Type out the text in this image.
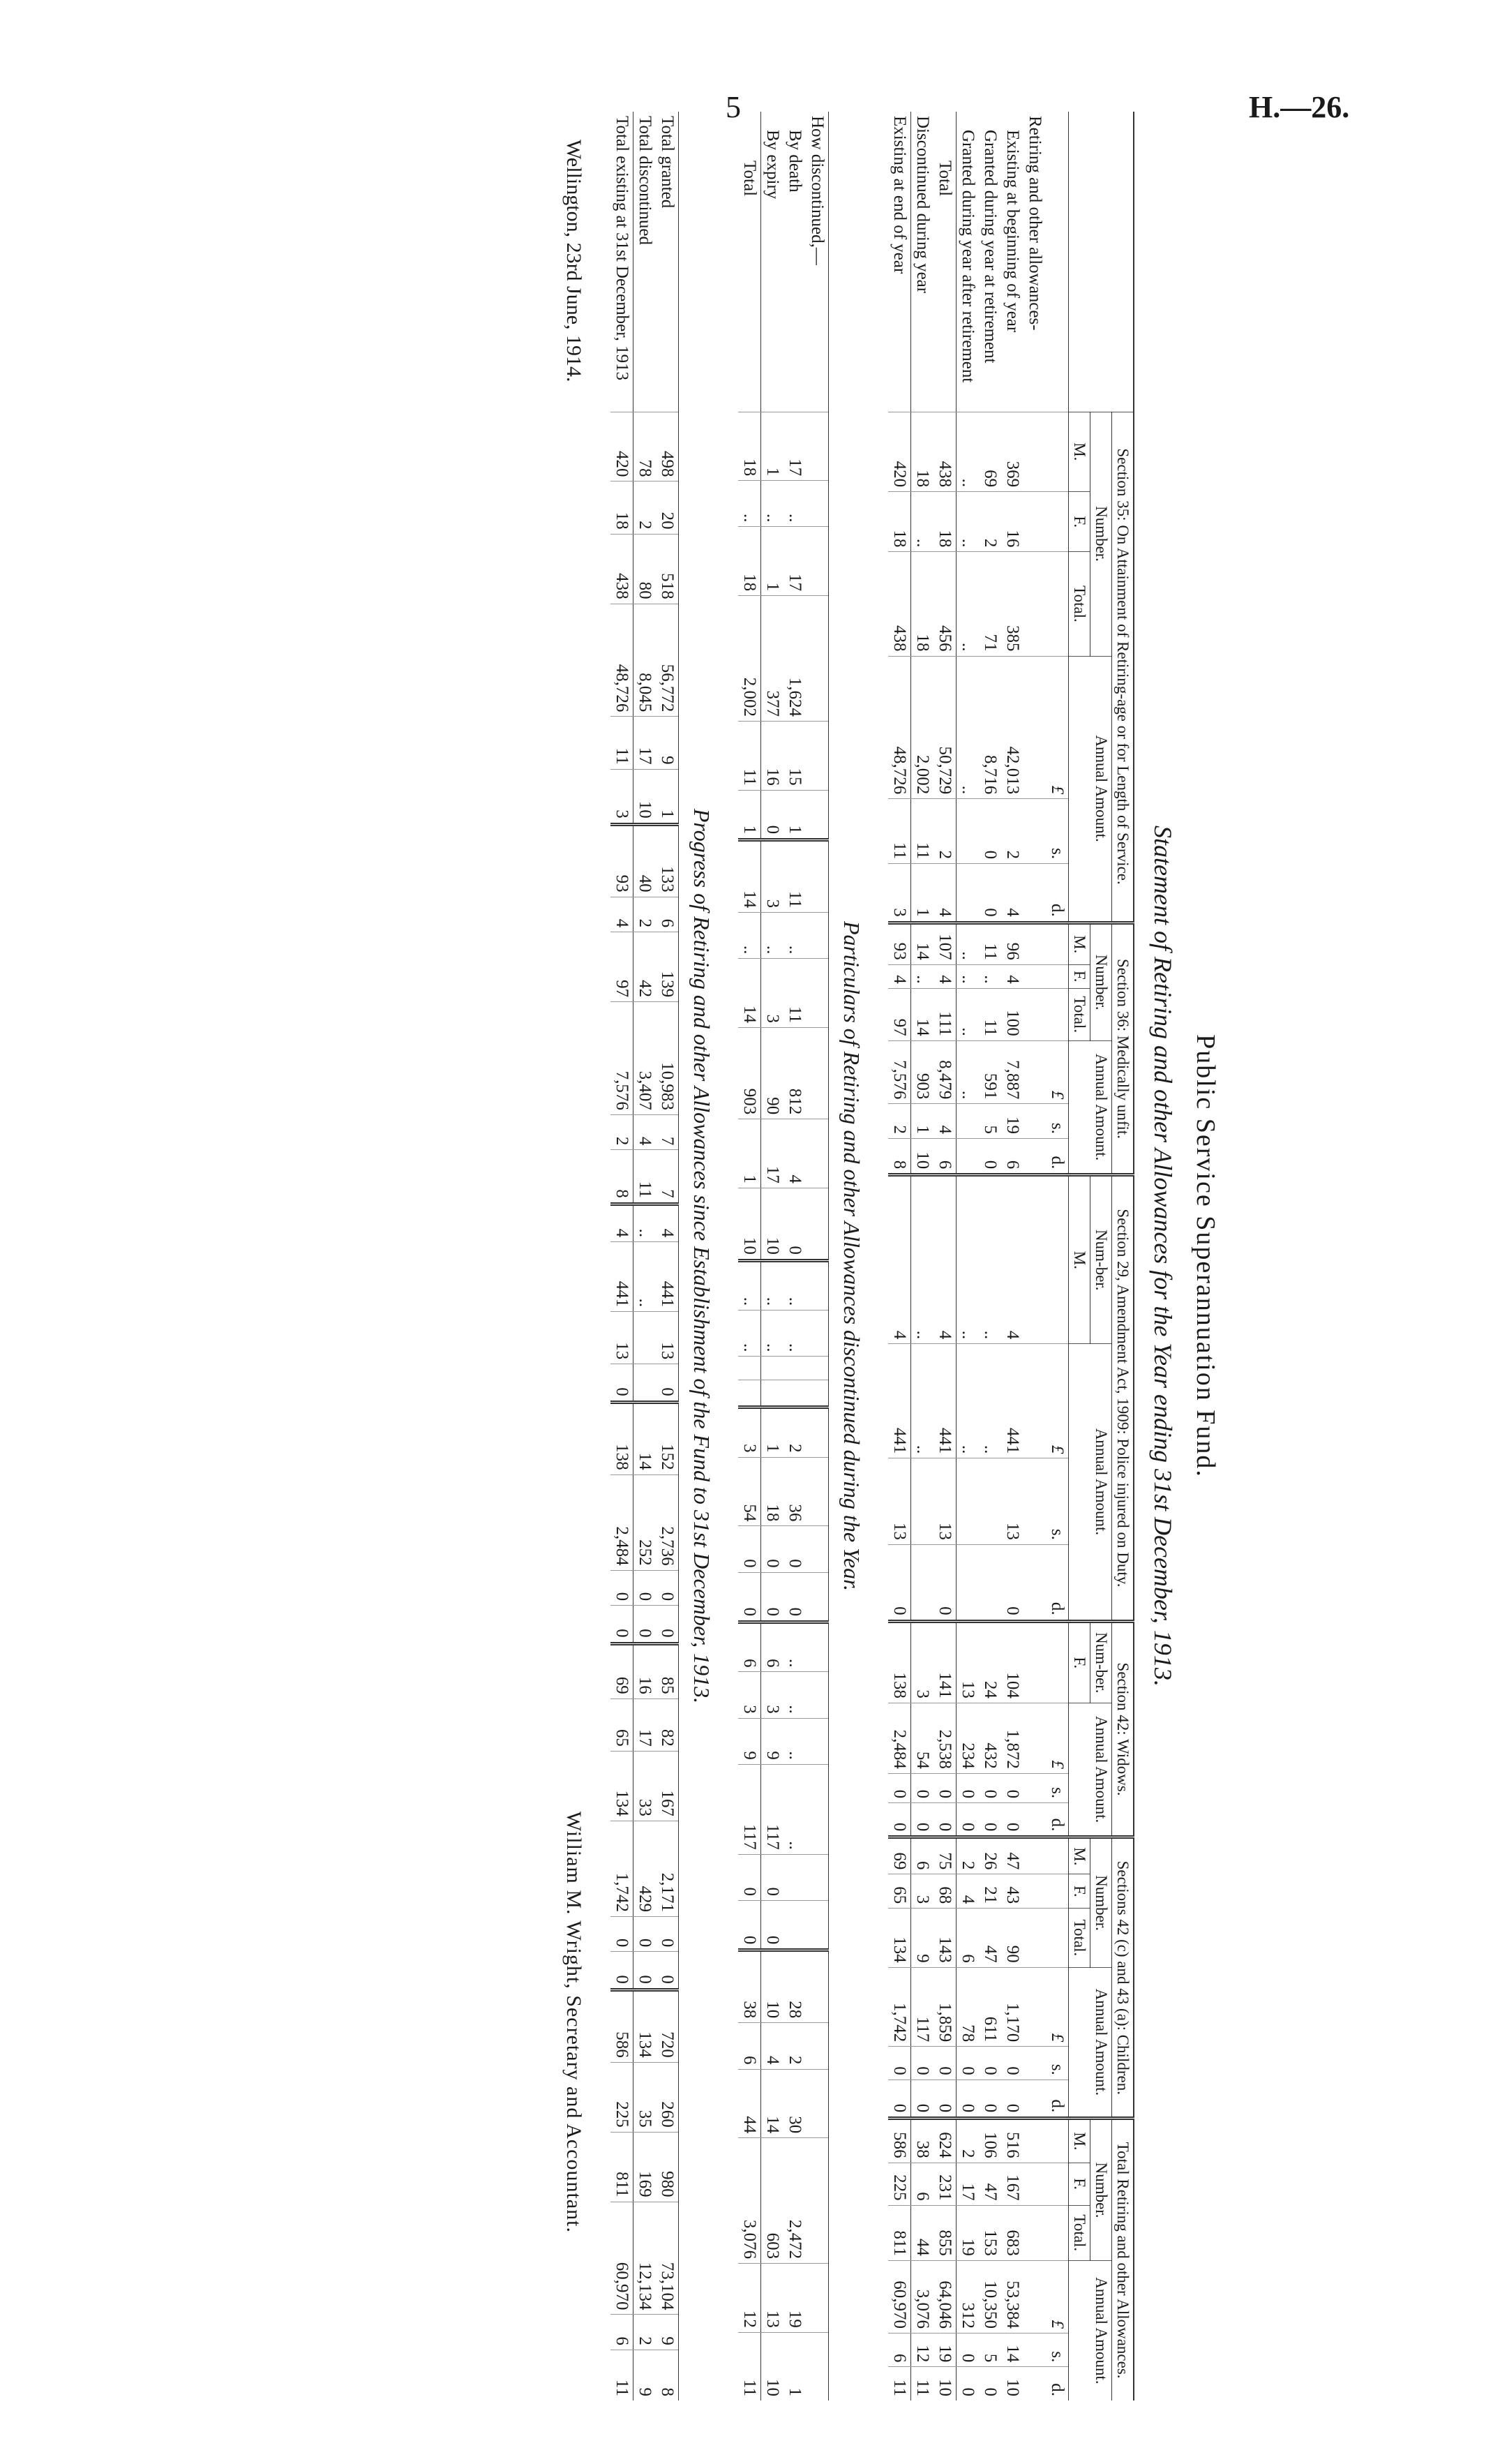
5	H.—26.
Public Service Superannuation Fund.
Statement of Retiring and other Allowances for the Year ending 31st December, 1913.
	Section 35: On Attainment of Retiring-age or for Length of Service.						Section 36: Medically unfit.						Section 29, Amendment Act, 1909: Police injured on Duty.				Section 42: Widows.				Sections 42 (c) and 43 (a): Children.						Total Retiring and other Allowances.					
	Number.			Annual Amount.			Number.			Annual Amount.			Num-ber.	Annual Amount.			Num-ber.	Annual Amount.			Number.			Annual Amount.			Number.			Annual Amount.		
	M.	F.	Total.				M.	F.	Total.				M.				F.				M.	F.	Total.				M.	F.	Total.			
				£	s.	d.				£	s.	d.		£	s.	d.		£	s.	d.				£	s.	d.				£	s.	d.
Retiring and other allowances-																																
Existing at beginning of year	369	16	385	42,013	2	4	96	4	100	7,887	19	6	4	441	13	0	104	1,872	0	0	47	43	90	1,170	0	0	516	167	683	53,384	14	10
Granted during year at retirement	69	2	71	8,716	0	0	11	..	11	591	5	0	..	..			24	432	0	0	26	21	47	611	0	0	106	47	153	10,350	5	0
Granted during year after retirement	..	..	..	..			..	..	..	..			..	..			13	234	0	0	2	4	6	78	0	0	2	17	19	312	0	0
Total	438	18	456	50,729	2	4	107	4	111	8,479	4	6	4	441	13	0	141	2,538	0	0	75	68	143	1,859	0	0	624	231	855	64,046	19	10
Discontinued during year	18	..	18	2,002	11	1	14	..	14	903	1	10	..	..			3	54	0	0	6	3	9	117	0	0	38	6	44	3,076	12	11
Existing at end of year	420	18	438	48,726	11	3	93	4	97	7,576	2	8	4	441	13	0	138	2,484	0	0	69	65	134	1,742	0	0	586	225	811	60,970	6	11
Particulars of Retiring and other Allowances discontinued during the Year.
How discontinued,—																																
By death	17	..	17	1,624	15	1	11	..	11	812	4	0	..	..			2	36	0	0	..	..	..	..			28	2	30	2,472	19	1
By expiry	1	..	1	377	16	0	3	..	3	90	17	10	..	..			1	18	0	0	6	3	9	117	0	0	10	4	14	603	13	10
Total	18	..	18	2,002	11	1	14	..	14	903	1	10	..	..			3	54	0	0	6	3	9	117	0	0	38	6	44	3,076	12	11
Progress of Retiring and other Allowances since Establishment of the Fund to 31st December, 1913.
Total granted	498	20	518	56,772	9	1	133	6	139	10,983	7	7	4	441	13	0	152	2,736	0	0	85	82	167	2,171	0	0	720	260	980	73,104	9	8
Total discontinued	78	2	80	8,045	17	10	40	2	42	3,407	4	11	..	..			14	252	0	0	16	17	33	429	0	0	134	35	169	12,134	2	9
Total existing at 31st December, 1913	420	18	438	48,726	11	3	93	4	97	7,576	2	8	4	441	13	0	138	2,484	0	0	69	65	134	1,742	0	0	586	225	811	60,970	6	11
Wellington, 23rd June, 1914.
William M. Wright, Secretary and Accountant.
